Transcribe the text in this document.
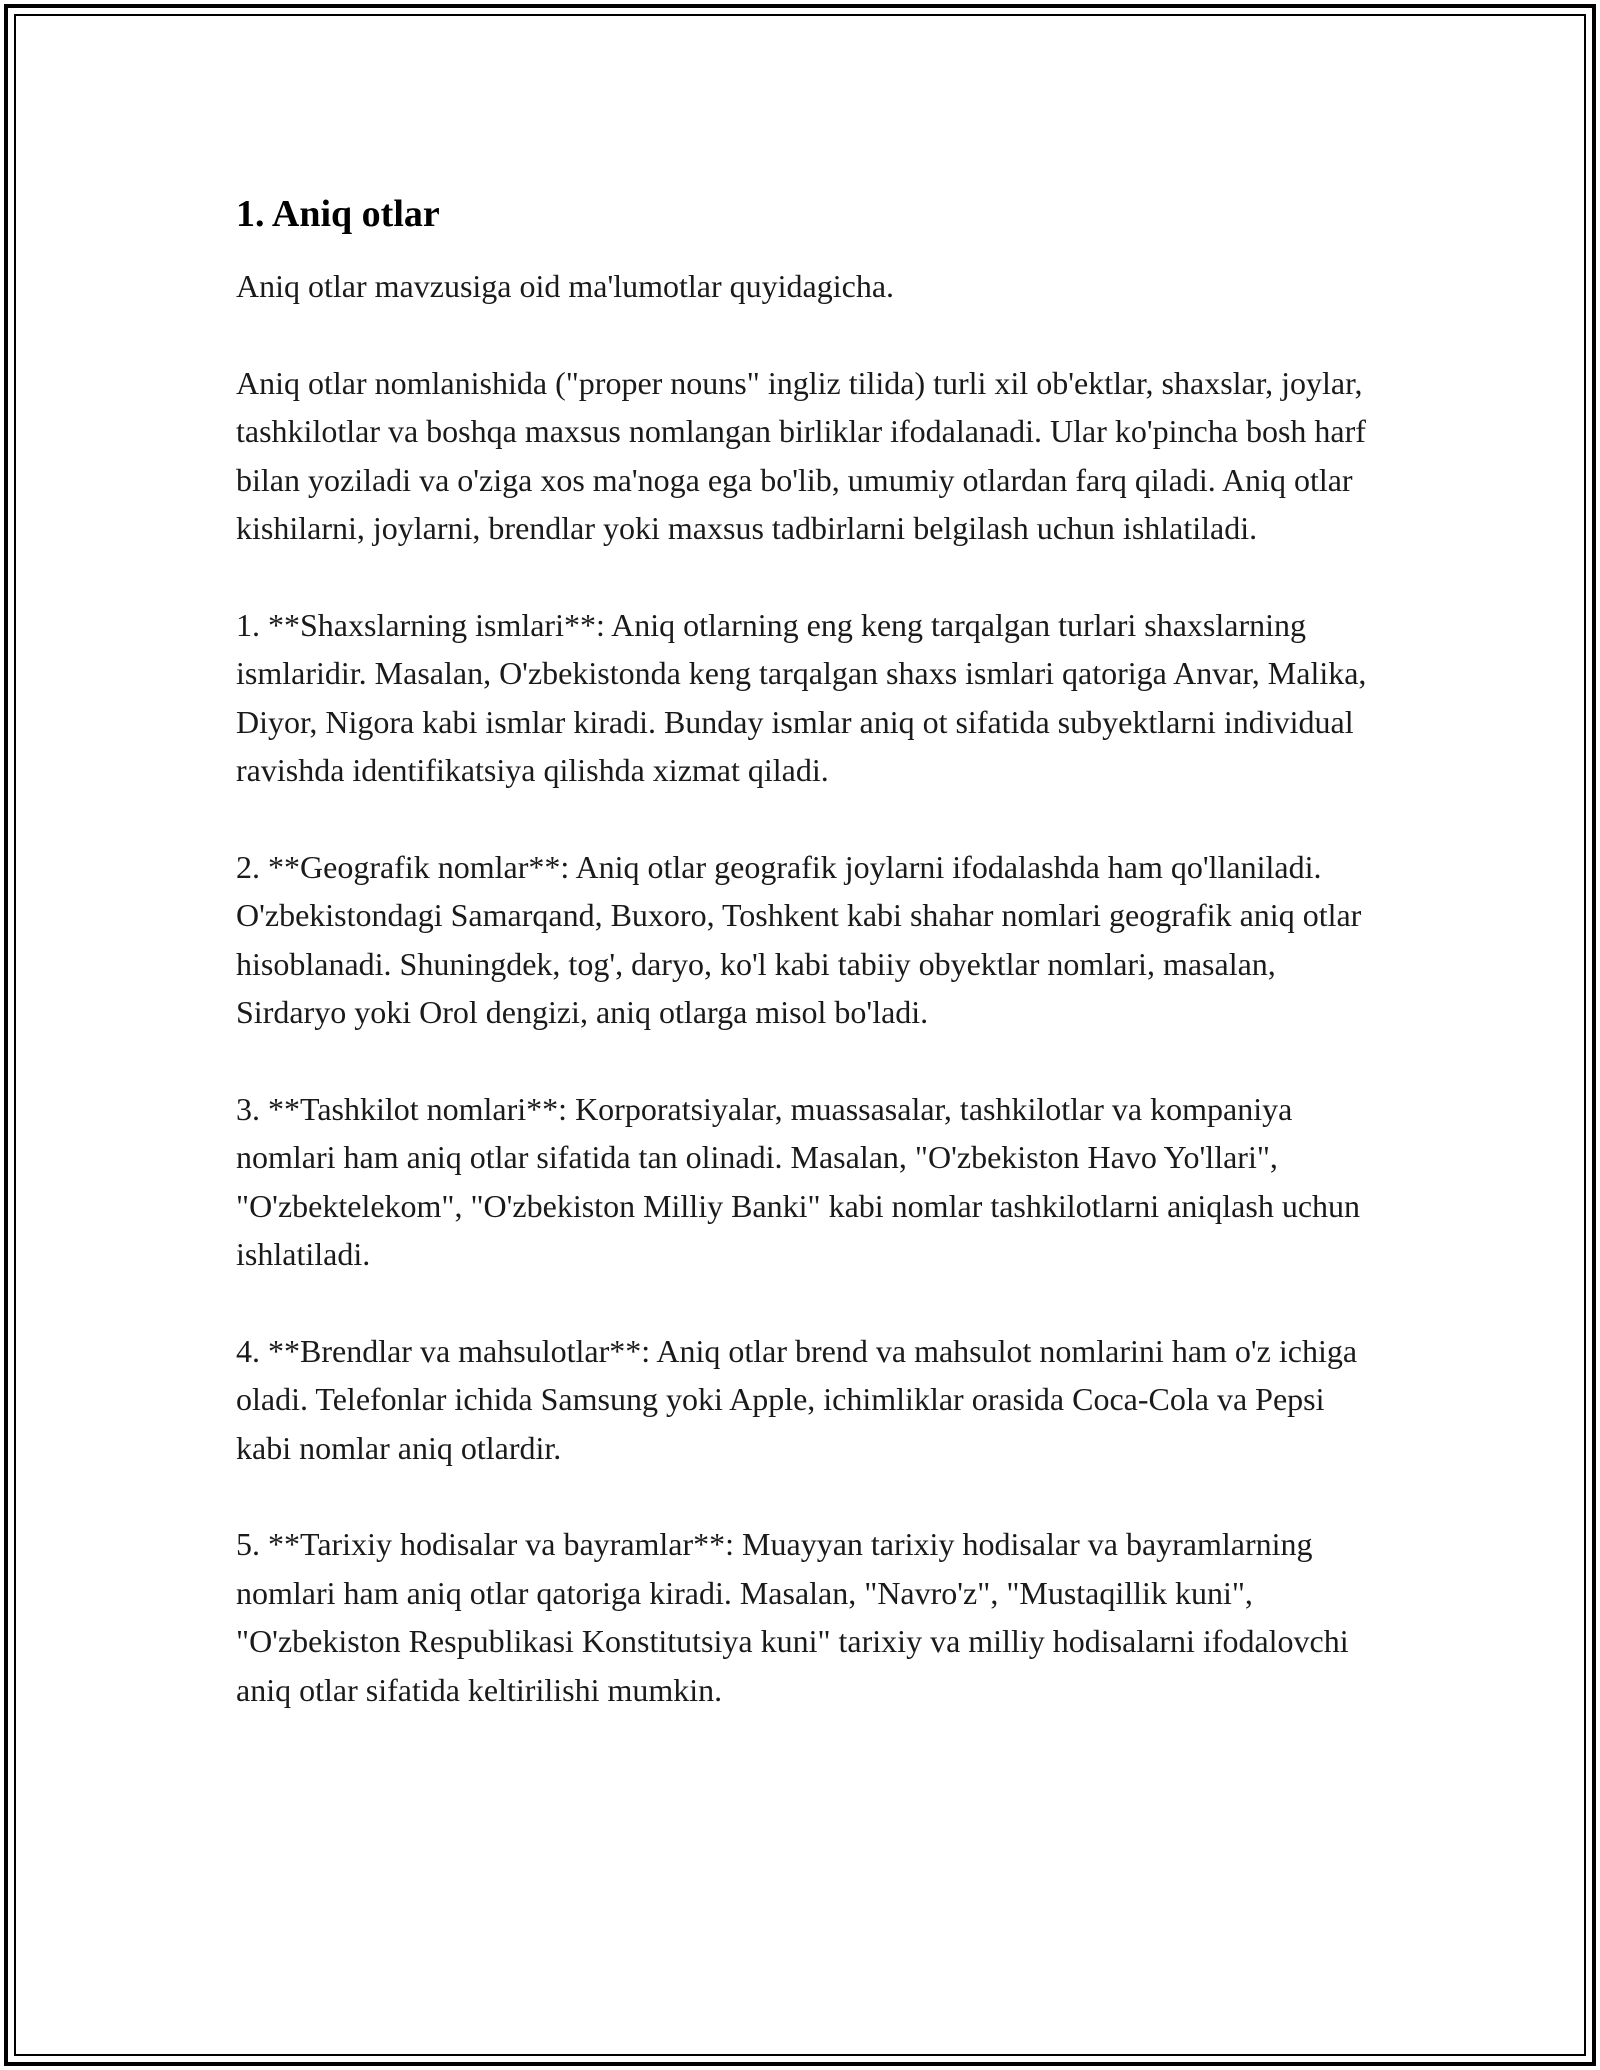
1. Aniq otlar

Aniq otlar mavzusiga oid ma'lumotlar quyidagicha.

Aniq otlar nomlanishida ("proper nouns" ingliz tilida) turli xil ob'ektlar, shaxslar, joylar, tashkilotlar va boshqa maxsus nomlangan birliklar ifodalanadi. Ular ko'pincha bosh harf bilan yoziladi va o'ziga xos ma'noga ega bo'lib, umumiy otlardan farq qiladi. Aniq otlar kishilarni, joylarni, brendlar yoki maxsus tadbirlarni belgilash uchun ishlatiladi.

1. **Shaxslarning ismlari**: Aniq otlarning eng keng tarqalgan turlari shaxslarning ismlaridir. Masalan, O'zbekistonda keng tarqalgan shaxs ismlari qatoriga Anvar, Malika, Diyor, Nigora kabi ismlar kiradi. Bunday ismlar aniq ot sifatida subyektlarni individual ravishda identifikatsiya qilishda xizmat qiladi.

2. **Geografik nomlar**: Aniq otlar geografik joylarni ifodalashda ham qo'llaniladi. O'zbekistondagi Samarqand, Buxoro, Toshkent kabi shahar nomlari geografik aniq otlar hisoblanadi. Shuningdek, tog', daryo, ko'l kabi tabiiy obyektlar nomlari, masalan, Sirdaryo yoki Orol dengizi, aniq otlarga misol bo'ladi.

3. **Tashkilot nomlari**: Korporatsiyalar, muassasalar, tashkilotlar va kompaniya nomlari ham aniq otlar sifatida tan olinadi. Masalan, "O'zbekiston Havo Yo'llari", "O'zbektelekom", "O'zbekiston Milliy Banki" kabi nomlar tashkilotlarni aniqlash uchun ishlatiladi.

4. **Brendlar va mahsulotlar**: Aniq otlar brend va mahsulot nomlarini ham o'z ichiga oladi. Telefonlar ichida Samsung yoki Apple, ichimliklar orasida Coca-Cola va Pepsi kabi nomlar aniq otlardir.

5. **Tarixiy hodisalar va bayramlar**: Muayyan tarixiy hodisalar va bayramlarning nomlari ham aniq otlar qatoriga kiradi. Masalan, "Navro'z", "Mustaqillik kuni", "O'zbekiston Respublikasi Konstitutsiya kuni" tarixiy va milliy hodisalarni ifodalovchi aniq otlar sifatida keltirilishi mumkin.
